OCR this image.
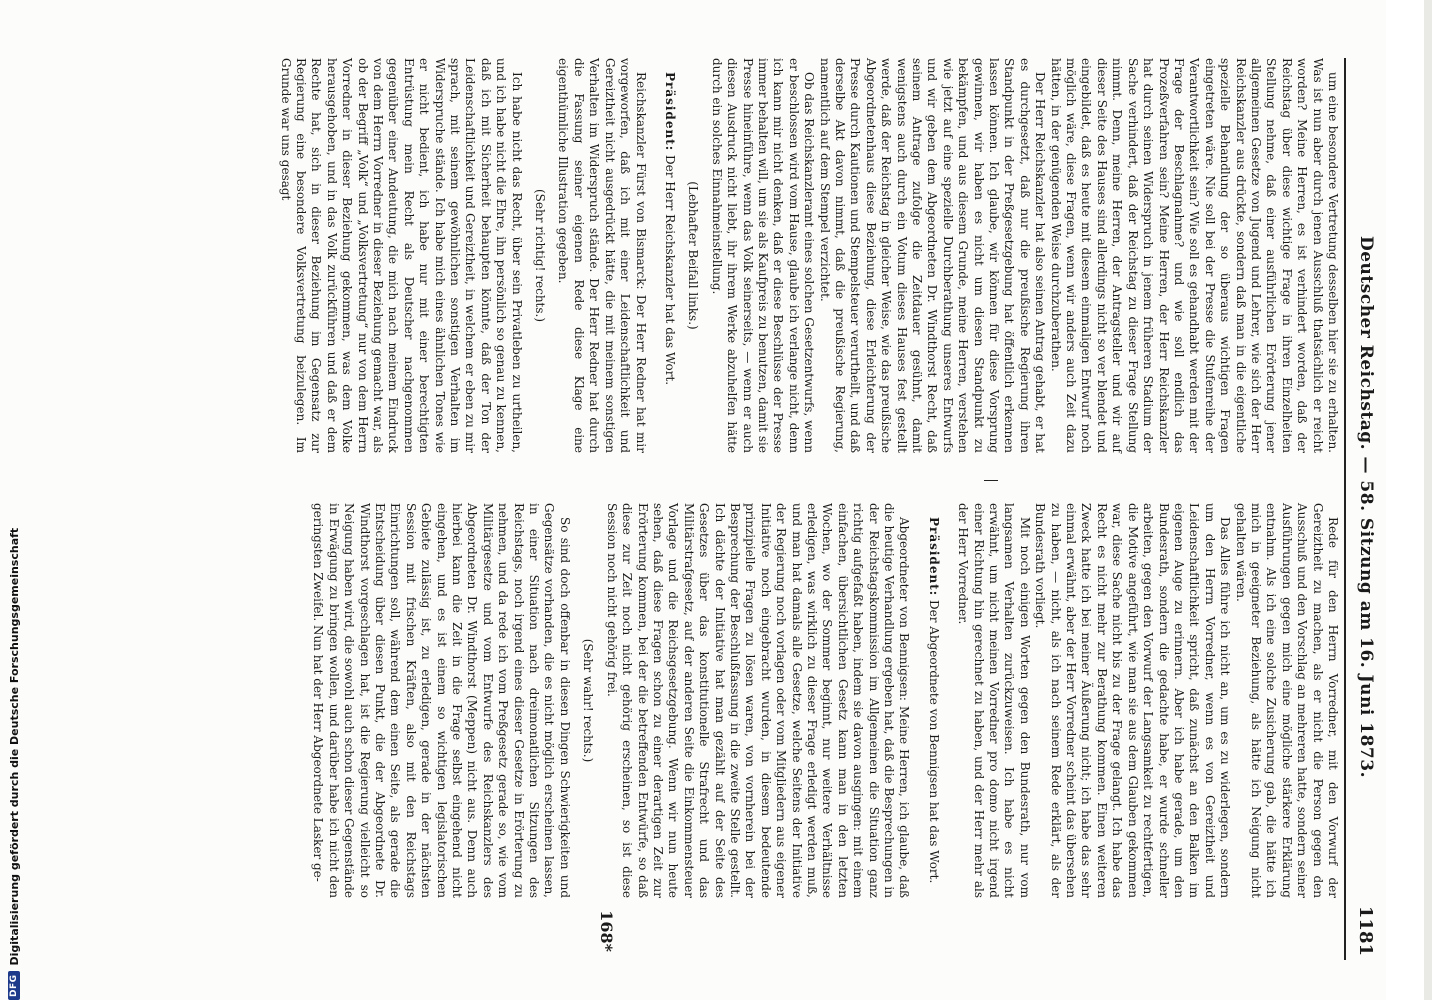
Deutscher Reichstag. — 58. Sitzung am 16. Juni 1873.
1181

um eine besondere Vertretung desselben hier sie zu erhalten. Was ist nun aber durch jenen Ausschluß thatsächlich er reicht worden? Meine Herren, es ist verhindert worden, daß der Reichstag über diese wichtige Frage in ihren Einzelheiten Stellung nehme, daß einer ausführlichen Erörterung jener allgemeinen Gesetze von Jugend und Lehrer, wie sich der Herr Reichskanzler aus drückte, sondern daß man in die eigentliche spezielle Behandlung der so überaus wichtigen Fragen eingetreten wäre. Nie soll bei der Presse die Stufenreihe der Verantwortlichkeit sein? Wie soll es gehandhabt werden mit der Frage der Beschlagnahme? und wie soll endlich das Prozeßverfahren sein? Meine Herren, der Herr Reichskanzler hat durch seinen Widerspruch in jenem früheren Stadium der Sache verhindert, daß der Reichstag zu dieser Frage Stellung nimmt. Denn, meine Herren, der Antragsteller und wir auf dieser Seite des Hauses sind allerdings nicht so ver blendet und eingebildet, daß es heute mit diesem einmaligen Entwurf noch möglich wäre, diese Fragen, wenn wir anders auch Zeit dazu hätten, in der genügenden Weise durchzuberathen.

Der Herr Reichskanzler hat also seinen Antrag gehabt, er hat es durchgesetzt, daß nur die preußische Regierung ihren Standpunkt in der Preßgesetzgebung hat öffentlich erkennen lassen können. Ich glaube, wir können für diese Vorsprung gewinnen, wir haben es nicht um diesen Standpunkt zu bekämpfen, und aus diesem Grunde, meine Herren, verstehen wie jetzt auf eine spezielle Durchberathung unseres Entwurfs und wir geben dem Abgeordneten Dr. Windthorst Recht, daß seinem Antrage zufolge die Zeitdauer gesühnt, damit wenigstens auch durch ein Votum dieses Hauses fest gestellt werde, daß der Reichstag in gleicher Weise, wie das preußische Abgeordnetenhaus diese Beziehung, diese Erleichterung der Presse durch Kautionen und Stempelsteuer verurtheilt, und daß derselbe Akt davon nimmt, daß die preußische Regierung, namentlich auf dem Stempel verzichtet.

Ob das Reichskanzleramt eines solchen Gesetzentwurfs, wenn er beschlossen wird vom Hause, glaube ich verlange nicht, denn ich kann mir nicht denken, daß er diese Beschlüsse der Presse immer behalten will, um sie als Kaufpreis zu benutzen, damit sie Presse hineinführe, wenn das Volk seinerseits, — wenn er auch diesen Ausdruck nicht liebt, ihr ihrem Werke abzuhelfen hätte durch ein solches Einnahmeinstellung.

(Lebhafter Beifall links.)

Präsident: Der Herr Reichskanzler hat das Wort.

Reichskanzler Fürst von Bismarck: Der Herr Redner hat mir vorgeworfen, daß ich mit einer Leidenschaftlichkeit und Gereiztheit nicht ausgedrückt hätte, die mit meinem sonstigen Verhalten im Widerspruch stände. Der Herr Redner hat durch die Fassung seiner eigenen Rede diese Klage eine eigenthümliche Illustration gegeben.

(Sehr richtig! rechts.)

Ich habe nicht das Recht, über sein Privatleben zu urtheilen, und ich habe nicht die Ehre, ihn persönlich so genau zu kennen, daß ich mit Sicherheit behaupten könnte, daß der Ton der Leidenschaftlichkeit und Gereiztheit, in welchem er eben zu mir sprach, mit seinem gewöhnlichen sonstigen Verhalten im Widerspruche stände. Ich habe mich eines ähnlichen Tones wie er nicht bedient, ich habe nur mit einer berechtigten Entrüstung mein Recht als Deutscher nachgenommen gegenüber einer Andeutung, die mich nach meinem Eindruck von dem Herrn Vorredner in dieser Beziehung gemacht war, als ob der Begriff „Volk“ und „Volksvertretung“ nur von dem Herrn Vorredner in dieser Beziehung gekommen, was dem Volke herausgehoben, und in das Volk zurückführen und daß er dem Rechte hat, sich in dieser Beziehung im Gegensatz zur Regierung eine besondere Volksvertretung beizulegen. Im Grunde war uns gesagt

Rede für den Herrn Vorredner, mit den Vorwurf der Gereiztheit zu machen, als er nicht die Person gegen den Ausschuß und den Vorschlag an mehreren hatte, sondern seiner Ausführungen gegen mich eine mögliche stärkere Erklärung entnahm. Als ich eine solche Zusicherung gab, die hätte ich mich in geeigneter Beziehung, als hätte ich Neigung nicht gehalten wären.

Das Alles führe ich nicht an, um es zu widerlegen, sondern um den Herrn Vorredner, wenn es von Gereiztheit und Leidenschaftlichkeit spricht, daß zunächst an den Balken im eigenen Auge zu erinnern. Aber ich habe gerade, um den Bundesrath, sondern die gedachte habe, er wurde schneller arbeiten, gegen den Vorwurf der Langsamkeit zu rechtfertigen, die Motive angeführt, wie man sie aus dem Glauben gekommen war, diese Sache nicht bis zu der Frage gelangt. Ich habe das Recht es nicht mehr zur Berathung kommen. Einen weiteren Zweck hatte ich bei meiner Äußerung nicht; ich habe das sehr einmal erwähnt, aber der Herr Vorredner scheint das übersehen zu haben, — nicht, als ich nach seinem Rede erklärt, als der Bundesrath vorliegt.

Mit noch einigen Worten gegen den Bundesrath, nur vom langsamen Verhalten zurückzuweisen. Ich habe es nicht erwähnt, um nicht meinen Vorredner pro domo nicht irgend einer Richtung hin gerechnet zu haben, und der Herr mehr als der Herr Vorredner.

Präsident: Der Abgeordnete von Bennigsen hat das Wort.

Abgeordneter von Bennigsen: Meine Herren, ich glaube, daß die heutige Verhandlung ergeben hat, daß die Besprechungen in der Reichstagskommission im Allgemeinen die Situation ganz richtig aufgefaßt haben, indem sie davon ausgingen: mit einem einfachen, übersichtlichen Gesetz kann man in den letzten Wochen, wo der Sommer beginnt, nur weitere Verhältnisse erledigen, was wirklich zu dieser Frage erledigt werden muß, und man hat damals alle Gesetze, welche Seitens der Initiative der Regierung noch vorlagen oder vom Mitgliedern aus eigener Initiative noch eingebracht wurden, in diesem bedeutende prinzipielle Fragen zu lösen waren, von vornherein bei der Besprechung der Beschlußfassung in die zweite Stelle gestellt. Ich dächte der Initiative hat man gezählt auf der Seite des Gesetzes über das konstitutionelle Strafrecht und das Militärstrafgesetz, auf der anderen Seite die Einkommensteuer Vorlage und die Reichsgesetzgebung. Wenn wir nun heute sehen, daß diese Fragen schon zu einer derartigen Zeit zur Erörterung kommen, bei der die betreffenden Entwürfe, so daß diese zur Zeit noch nicht gehörig erscheinen, so ist diese Session noch nicht gehörig frei.

(Sehr wahr! rechts.)

So sind doch offenbar in diesen Dingen Schwierigkeiten und Gegensätze vorhanden, die es nicht möglich erscheinen lassen, in einer Situation nach dreimonatlichen Sitzungen des Reichstags, noch irgend eines dieser Gesetze in Erörterung zu nehmen, und da rede ich vom Preßgesetz gerade so, wie vom Militärgesetze und vom Entwurfe des Reichskanzlers des Abgeordneten Dr. Windthorst (Meppen) nicht aus. Denn auch hierbei kann die Zeit in die Frage selbst eingehend nicht eingehen, und es ist einem so wichtigen legislatorischen Gebiete zulässig ist, zu erledigen, gerade in der nächsten Session mit frischen Kräften, also mit den Reichstags Einrichtungen soll, während dem einen Seite, als gerade die Entscheidung über diesen Punkt, die der Abgeordnete Dr. Windthorst vorgeschlagen hat, ist die Regierung vielleicht so Neigung haben wird, die sowohl auch schon dieser Gegenstände in Erwägung zu bringen wollen, und darüber habe ich nicht den geringsten Zweifel. Nun hat der Herr Abgeordnete Lasker ge-

168*
DFG
Digitalisierung gefördert durch die Deutsche Forschungsgemeinschaft
